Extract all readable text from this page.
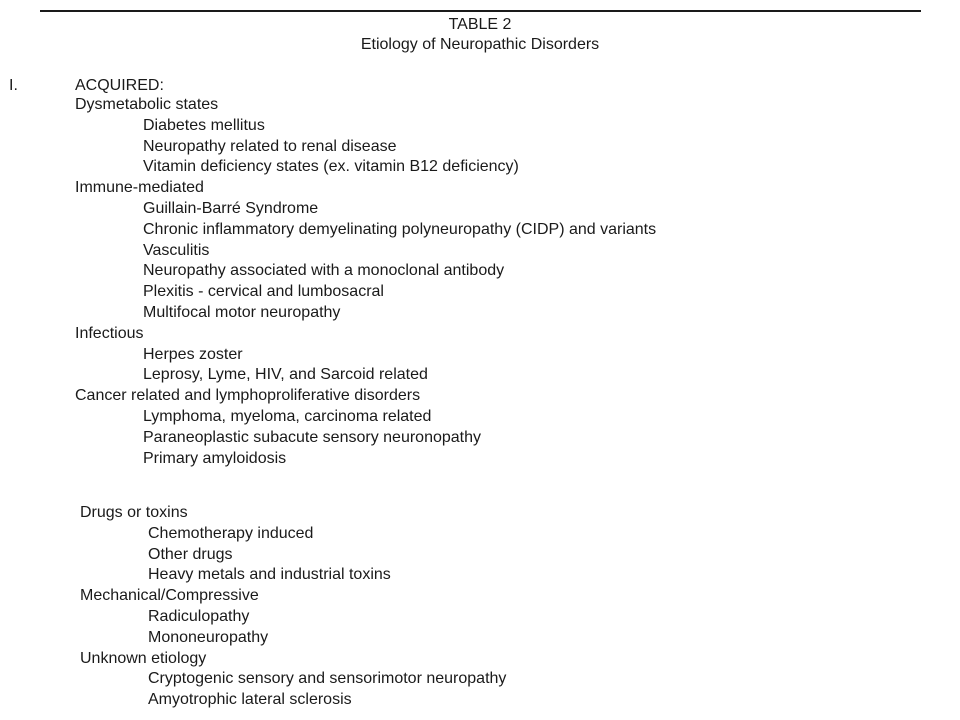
TABLE 2
Etiology of Neuropathic Disorders
I.	ACQUIRED:
Dysmetabolic states
Diabetes mellitus
Neuropathy related to renal disease
Vitamin deficiency states (ex. vitamin B12 deficiency)
Immune-mediated
Guillain-Barré Syndrome
Chronic inflammatory demyelinating polyneuropathy (CIDP) and variants
Vasculitis
Neuropathy associated with a monoclonal antibody
Plexitis - cervical and lumbosacral
Multifocal motor neuropathy
Infectious
Herpes zoster
Leprosy, Lyme, HIV, and Sarcoid related
Cancer related and lymphoproliferative disorders
Lymphoma, myeloma, carcinoma related
Paraneoplastic subacute sensory neuronopathy
Primary amyloidosis
Drugs or toxins
Chemotherapy induced
Other drugs
Heavy metals and industrial toxins
Mechanical/Compressive
Radiculopathy
Mononeuropathy
Unknown etiology
Cryptogenic sensory and sensorimotor neuropathy
Amyotrophic lateral sclerosis
